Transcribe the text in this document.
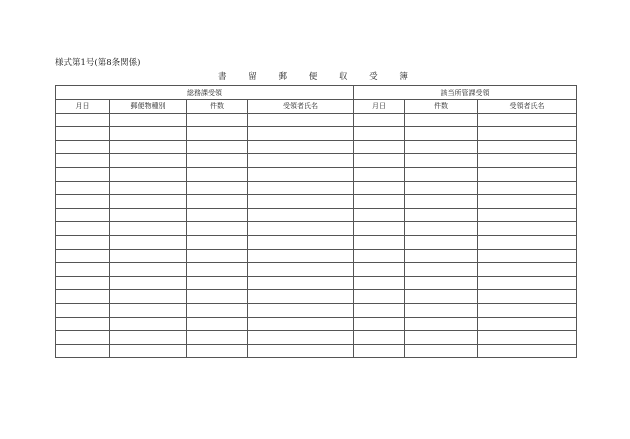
様式第1号(第8条関係)
書	留	郵	便	収	受	簿
総務課受領				該当所管課受領		
月日	郵便物種別	件数	受領者氏名	月日	件数	受領者氏名
